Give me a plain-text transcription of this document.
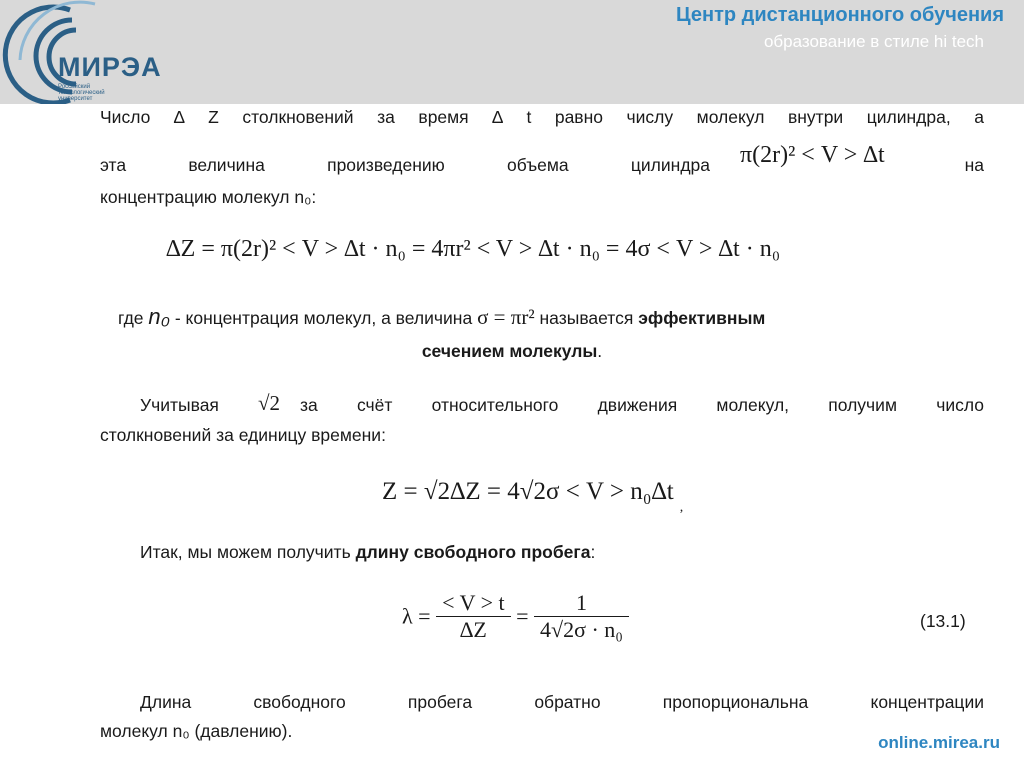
МИРЭА
Российский технологический университет
Центр дистанционного обучения
образование в стиле hi tech
Число ∆ Z столкновений за время ∆ t равно числу молекул внутри цилиндра, а
эта величина произведению объема цилиндра π(2r)² < V > ∆t	на
концентрацию молекул n₀:
∆Z = π(2r)² < V > ∆t · n₀ = 4πr² < V > ∆t · n₀ = 4σ < V > ∆t · n₀
где n₀ - концентрация молекул, а величина σ = πr² называется эффективным
сечением молекулы.
Учитывая √2 за счёт относительного движения молекул, получим число
столкновений за единицу времени:
$Z = √2\Delta Z = 4√2\sigma < V > n_0\Delta t_,$
Итак, мы можем получить длину свободного пробега:
$\lambda = \frac{< V > t}{\Delta Z} = \frac{1}{\text{4√2σ · n₀}}$	(13.1)
Длина свободного пробега обратно пропорциональна концентрации
молекул n₀ (давлению).
online.mirea.ru
